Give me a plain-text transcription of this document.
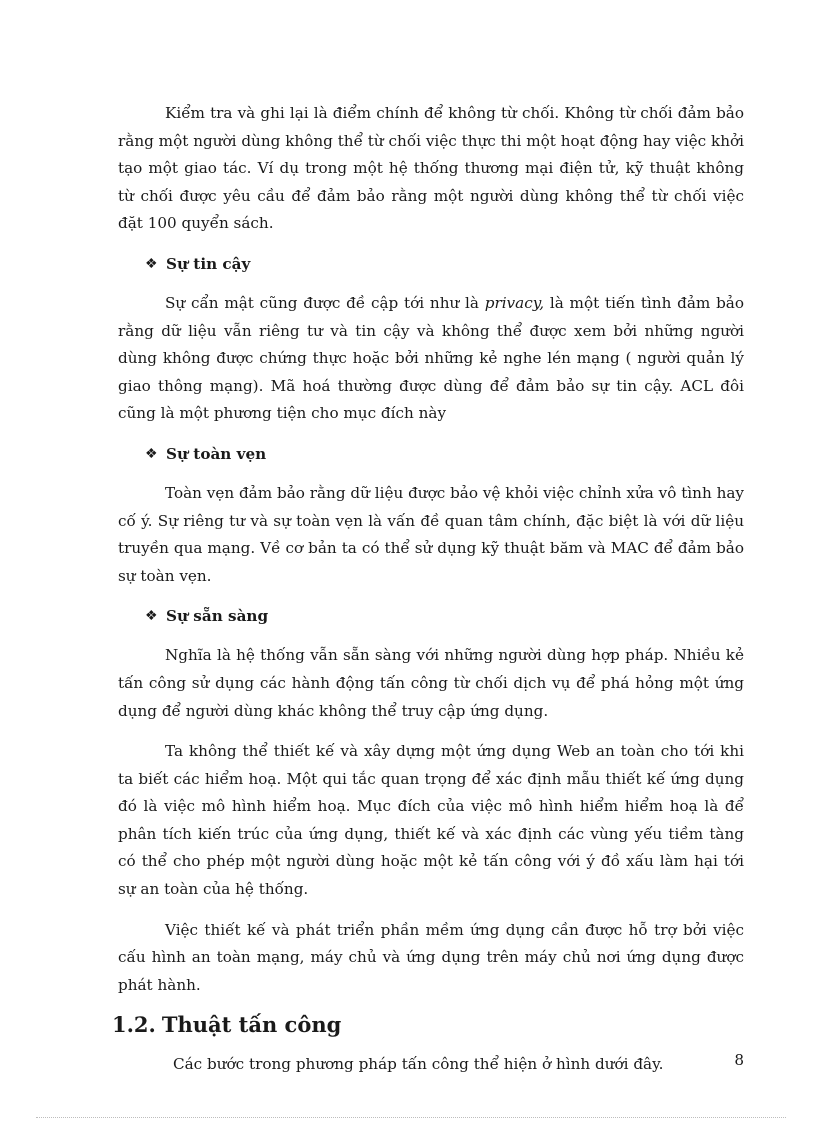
Kiểm tra và ghi lại là điểm chính để không từ chối. Không từ chối đảm bảo rằng một người dùng không thể từ chối việc thực thi một hoạt động hay việc khởi tạo một giao tác. Ví dụ trong một hệ thống thương mại điện tử, kỹ thuật không từ chối được yêu cầu để đảm bảo rằng một người dùng không thể từ chối việc đặt 100 quyển sách.

❖ Sự tin cậy

Sự cẩn mật cũng được đề cập tới như là privacy, là một tiến tình đảm bảo rằng dữ liệu vẫn riêng tư và tin cậy và không thể được xem bởi những người dùng không được chứng thực hoặc bởi những kẻ nghe lén mạng ( người quản lý giao thông mạng). Mã hoá thường được dùng để đảm bảo sự tin cậy. ACL đôi cũng là một phương tiện cho mục đích này

❖ Sự toàn vẹn

Toàn vẹn đảm bảo rằng dữ liệu được bảo vệ khỏi việc chỉnh xửa vô tình hay cố ý. Sự riêng tư và sự toàn vẹn là vấn đề quan tâm chính, đặc biệt là với dữ liệu truyền qua mạng. Về cơ bản ta có thể sử dụng kỹ thuật băm và MAC để đảm bảo sự toàn vẹn.

❖ Sự sẵn sàng

Nghĩa là hệ thống vẫn sẵn sàng với những người dùng hợp pháp. Nhiều kẻ tấn công sử dụng các hành động tấn công từ chối dịch vụ để phá hỏng một ứng dụng để người dùng khác không thể truy cập ứng dụng.

Ta không thể thiết kế và xây dựng một ứng dụng Web an toàn cho tới khi ta biết các hiểm hoạ. Một qui tắc quan trọng để xác định mẫu thiết kế ứng dụng đó là việc mô hình hiểm hoạ. Mục đích của việc mô hình hiểm hiểm hoạ là để phân tích kiến trúc của ứng dụng, thiết kế và xác định các vùng yếu tiềm tàng có thể cho phép một người dùng hoặc một kẻ tấn công với ý đồ xấu làm hại tới sự an toàn của hệ thống.

Việc thiết kế và phát triển phần mềm ứng dụng cần được hỗ trợ bởi việc cấu hình an toàn mạng, máy chủ và ứng dụng trên máy chủ nơi ứng dụng được phát hành.

1.2. Thuật tấn công

Các bước trong phương pháp tấn công thể hiện ở hình dưới đây.	8
